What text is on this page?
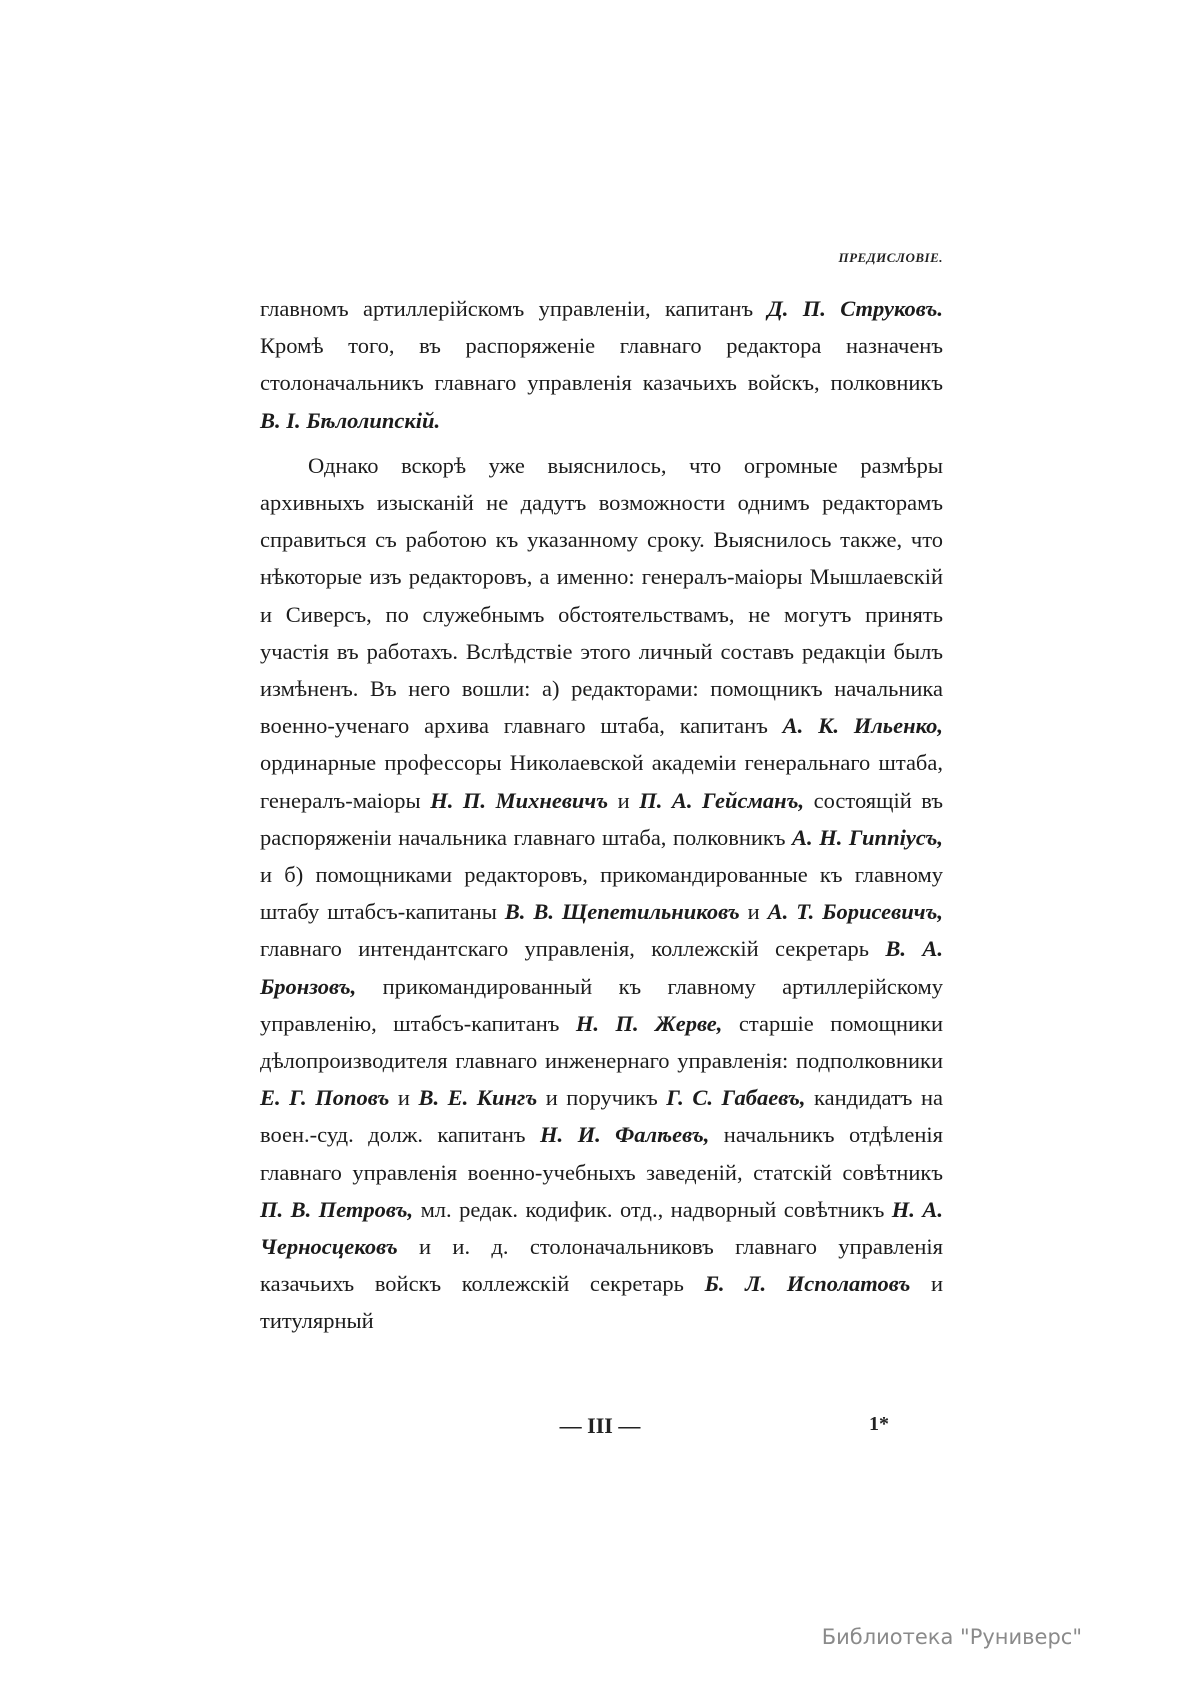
ПРЕДИСЛОВІЕ.

главномъ артиллерійскомъ управленіи, капитанъ Д. П. Струковъ. Кромѣ того, въ распоряженіе главнаго редактора назначенъ столоначальникъ главнаго управленія казачьихъ войскъ, полковникъ В. I. Бѣлолипскій.

Однако вскорѣ уже выяснилось, что огромные размѣры архивныхъ изысканій не дадутъ возможности однимъ редакторамъ справиться съ работою къ указанному сроку. Выяснилось также, что нѣкоторые изъ редакторовъ, а именно: генералъ-маіоры Мышлаевскій и Сиверсъ, по служебнымъ обстоятельствамъ, не могутъ принять участія въ работахъ. Вслѣдствіе этого личный составъ редакціи былъ измѣненъ. Въ него вошли: а) редакторами: помощникъ начальника военно-ученаго архива главнаго штаба, капитанъ А. К. Ильенко, ординарные профессоры Николаевской академіи генеральнаго штаба, генералъ-маіоры Н. П. Михневичъ и П. А. Гейсманъ, состоящій въ распоряженіи начальника главнаго штаба, полковникъ А. Н. Гиппіусъ, и б) помощниками редакторовъ, прикомандированные къ главному штабу штабсъ-капитаны В. В. Щепетильниковъ и А. Т. Борисевичъ, главнаго интендантскаго управленія, коллежскій секретарь В. А. Бронзовъ, прикомандированный къ главному артиллерійскому управленію, штабсъ-капитанъ Н. П. Жерве, старшіе помощники дѣлопроизводителя главнаго инженернаго управленія: подполковники Е. Г. Поповъ и В. Е. Кингъ и поручикъ Г. С. Габаевъ, кандидатъ на воен.-суд. долж. капитанъ Н. И. Фалѣевъ, начальникъ отдѣленія главнаго управленія военно-учебныхъ заведеній, статскій совѣтникъ П. В. Петровъ, мл. редак. кодифик. отд., надворный совѣтникъ Н. А. Черносцековъ и и. д. столоначальниковъ главнаго управленія казачьихъ войскъ коллежскій секретарь Б. Л. Исполатовъ и титулярный

— III —	1*
Библиотека "Руниверс"
